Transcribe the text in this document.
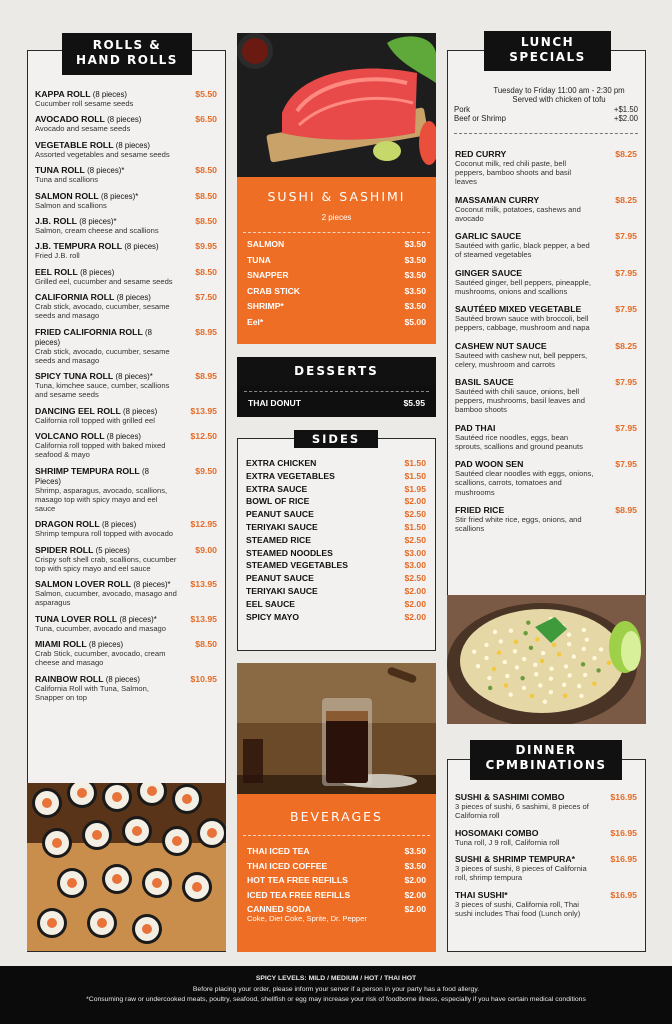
ROLLS &
HAND ROLLS
KAPPA ROLL (8 pieces)
Cucumber roll sesame seeds
$5.50
AVOCADO ROLL (8 pieces)
Avocado and sesame seeds
$6.50
VEGETABLE ROLL (8 pieces)
Assorted vegetables and sesame seeds
TUNA ROLL (8 pieces)*
Tuna and scallions
$8.50
SALMON ROLL (8 pieces)*
Salmon and scallions
$8.50
J.B. ROLL (8 pieces)*
Salmon, cream cheese and scallions
$8.50
J.B. TEMPURA ROLL (8 pieces)
Fried J.B. roll
$9.95
EEL ROLL (8 pieces)
Grilled eel, cucumber and sesame seeds
$8.50
CALIFORNIA ROLL (8 pieces)
Crab stick, avocado, cucumber, sesame seeds and masago
$7.50
FRIED CALIFORNIA ROLL (8 pieces)
Crab stick, avocado, cucumber, sesame seeds and masago
$8.95
SPICY TUNA ROLL (8 pieces)*
Tuna, kimchee sauce, cumber, scallions and sesame seeds
$8.95
DANCING EEL ROLL (8 pieces)
California roll topped with grilled eel
$13.95
VOLCANO ROLL (8 pieces)
California roll topped with baked mixed seafood & mayo
$12.50
SHRIMP TEMPURA ROLL (8 Pieces)
Shrimp, asparagus, avocado, scallions, masago top with spicy mayo and eel sauce
$9.50
DRAGON ROLL (8 pieces)
Shrimp tempura roll topped with avocado
$12.95
SPIDER ROLL (5 pieces)
Crispy soft shell crab, scallions, cucumber top with spicy mayo and eel sauce
$9.00
SALMON LOVER ROLL (8 pieces)*
Salmon, cucumber, avocado, masago and asparagus
$13.95
TUNA LOVER ROLL (8 pieces)*
Tuna, cucumber, avocado and masago
$13.95
MIAMI ROLL (8 pieces)
Crab Stick, cucumber, avocado, cream cheese and masago
$8.50
RAINBOW ROLL (8 pieces)
California Roll with Tuna, Salmon, Snapper on top
$10.95
SUSHI & SASHIMI
2 pieces
SALMON	$3.50
TUNA	$3.50
SNAPPER	$3.50
CRAB STICK	$3.50
SHRIMP*	$3.50
Eel*	$5.00
DESSERTS
THAI DONUT	$5.95
SIDES
EXTRA CHICKEN	$1.50
EXTRA VEGETABLES	$1.50
EXTRA SAUCE	$1.95
BOWL OF RICE	$2.00
PEANUT SAUCE	$2.50
TERIYAKI SAUCE	$1.50
STEAMED RICE	$2.50
STEAMED NOODLES	$3.00
STEAMED VEGETABLES	$3.00
PEANUT SAUCE	$2.50
TERIYAKI SAUCE	$2.00
EEL SAUCE	$2.00
SPICY MAYO	$2.00
BEVERAGES
THAI ICED TEA	$3.50
THAI ICED COFFEE	$3.50
HOT TEA FREE REFILLS	$2.00
ICED TEA FREE REFILLS	$2.00
CANNED SODA	$2.00
Coke, Diet Coke, Sprite, Dr. Pepper
LUNCH
SPECIALS
Tuesday to Friday 11:00 am - 2:30 pm
Served with chicken of tofu
Pork	+$1.50
Beef or Shrimp	+$2.00
RED CURRY
Coconut milk, red chili paste, bell peppers, bamboo shoots and basil leaves
$8.25
MASSAMAN CURRY
Coconut milk, potatoes, cashews and avocado
$8.25
GARLIC SAUCE
Sautéed with garlic, black pepper, a bed of steamed vegetables
$7.95
GINGER SAUCE
Sautéed ginger, bell peppers, pineapple, mushrooms, onions and scallions
$7.95
SAUTÉED MIXED VEGETABLE
Sautéed brown sauce with broccoli, bell peppers, cabbage, mushroom and napa
$7.95
CASHEW NUT SAUCE
Sauteed with cashew nut, bell peppers, celery, mushroom and carrots
$8.25
BASIL SAUCE
Sautéed with chili sauce, onions, bell peppers, mushrooms, basil leaves and bamboo shoots
$7.95
PAD THAI
Sautéed rice noodles, eggs, bean sprouts, scallions and ground peanuts
$7.95
PAD WOON SEN
Sautéed clear noodles with eggs, onions, scallions, carrots, tomatoes and mushrooms
$7.95
FRIED RICE
Stir fried white rice, eggs, onions, and scallions
$8.95
DINNER
CPMBINATIONS
SUSHI & SASHIMI COMBO
3 pieces of sushi, 6 sashimi, 8 pieces of California roll
$16.95
HOSOMAKI COMBO
Tuna roll, J 9 roll, California roll
$16.95
SUSHI & SHRIMP TEMPURA*
3 pieces of sushi, 8 pieces of California roll, shrimp tempura
$16.95
THAI SUSHI*
3 pieces of sushi, California roll, Thai sushi includes Thai food (Lunch only)
$16.95
SPICY LEVELS: MILD / MEDIUM / HOT / THAI HOT
Before placing your order, please inform your server if a person in your party has a food allergy.
*Consuming raw or undercooked meats, poultry, seafood, shellfish or egg may increase your risk of foodborne illness, especially if you have certain medical conditions
